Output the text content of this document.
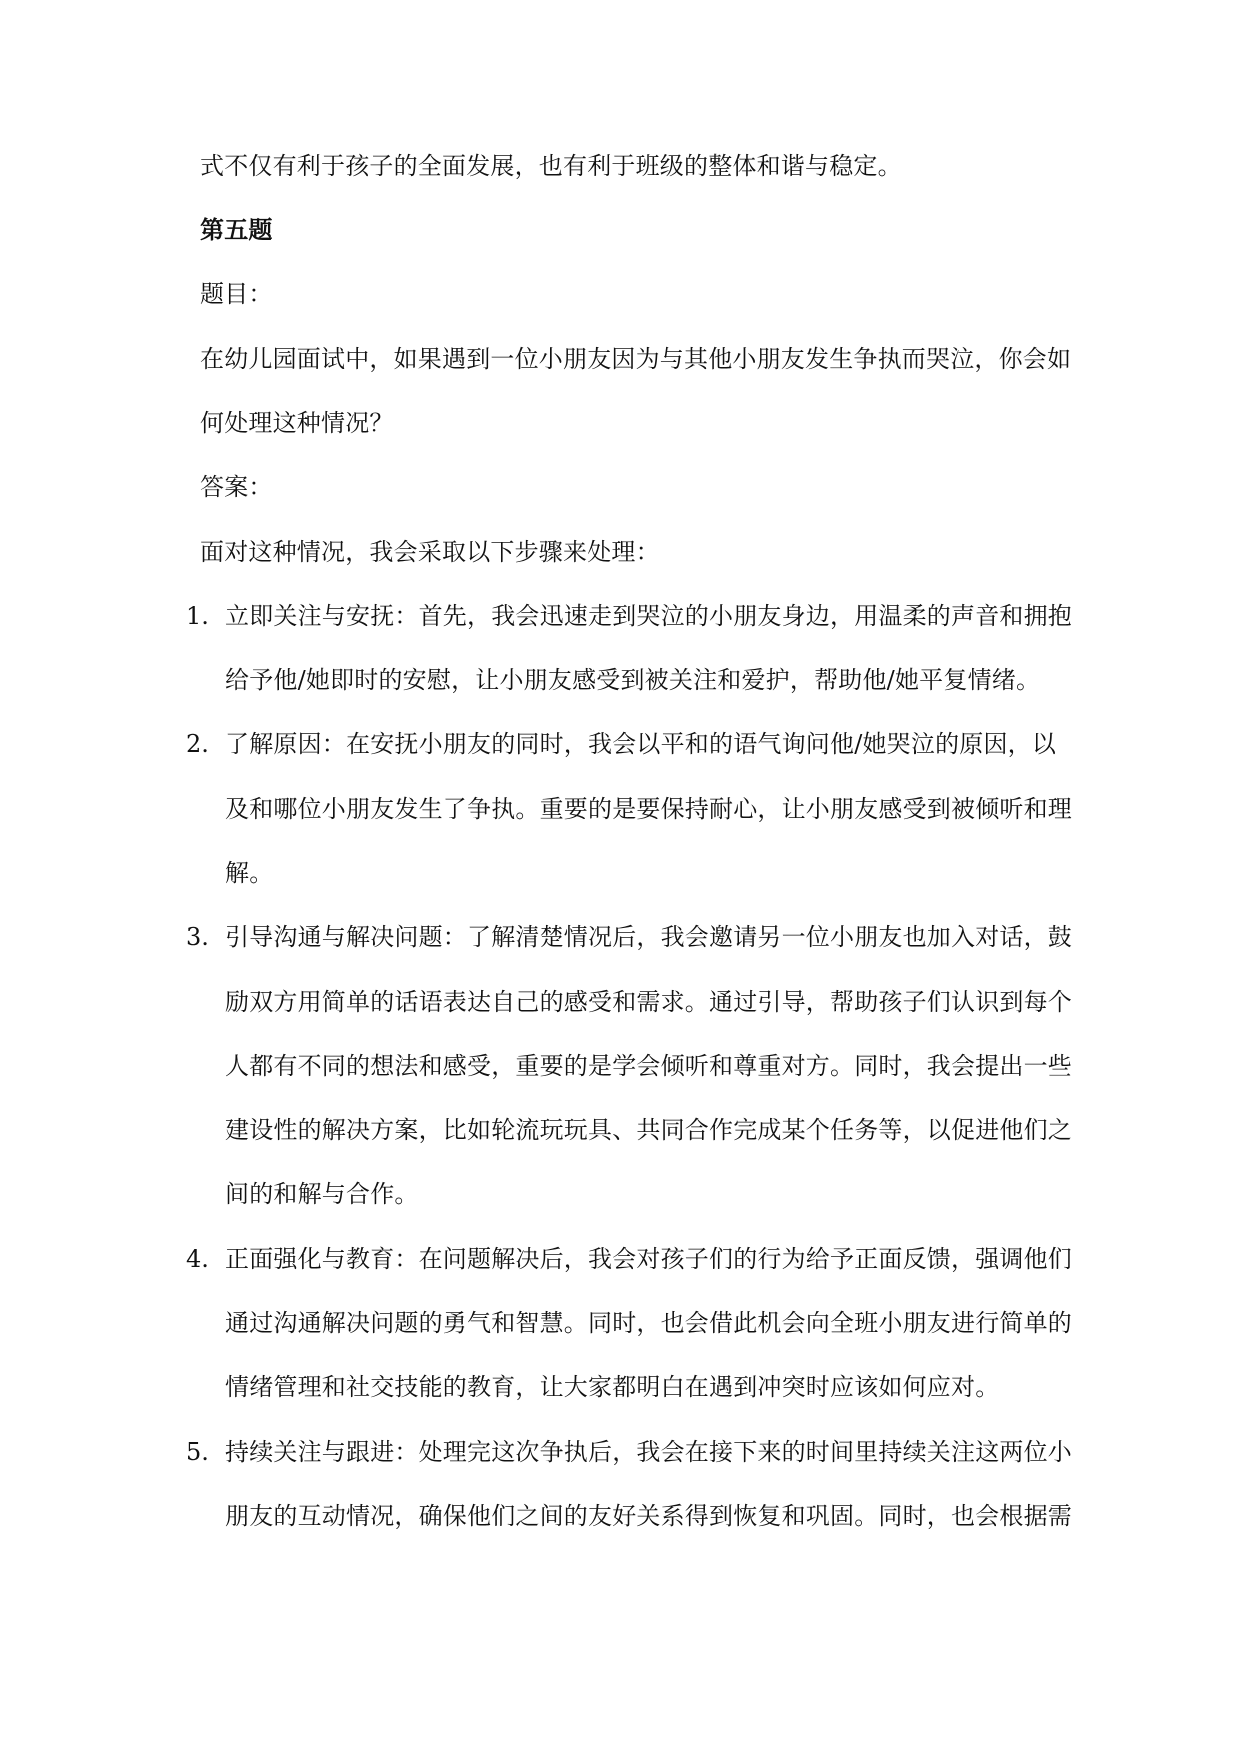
式不仅有利于孩子的全面发展，也有利于班级的整体和谐与稳定。
第五题
题目：
在幼儿园面试中，如果遇到一位小朋友因为与其他小朋友发生争执而哭泣，你会如
何处理这种情况？
答案：
面对这种情况，我会采取以下步骤来处理：
1. 立即关注与安抚：首先，我会迅速走到哭泣的小朋友身边，用温柔的声音和拥抱
给予他/她即时的安慰，让小朋友感受到被关注和爱护，帮助他/她平复情绪。
2. 了解原因：在安抚小朋友的同时，我会以平和的语气询问他/她哭泣的原因，以
及和哪位小朋友发生了争执。重要的是要保持耐心，让小朋友感受到被倾听和理
解。
3. 引导沟通与解决问题：了解清楚情况后，我会邀请另一位小朋友也加入对话，鼓
励双方用简单的话语表达自己的感受和需求。通过引导，帮助孩子们认识到每个
人都有不同的想法和感受，重要的是学会倾听和尊重对方。同时，我会提出一些
建设性的解决方案，比如轮流玩玩具、共同合作完成某个任务等，以促进他们之
间的和解与合作。
4. 正面强化与教育：在问题解决后，我会对孩子们的行为给予正面反馈，强调他们
通过沟通解决问题的勇气和智慧。同时，也会借此机会向全班小朋友进行简单的
情绪管理和社交技能的教育，让大家都明白在遇到冲突时应该如何应对。
5. 持续关注与跟进：处理完这次争执后，我会在接下来的时间里持续关注这两位小
朋友的互动情况，确保他们之间的友好关系得到恢复和巩固。同时，也会根据需
